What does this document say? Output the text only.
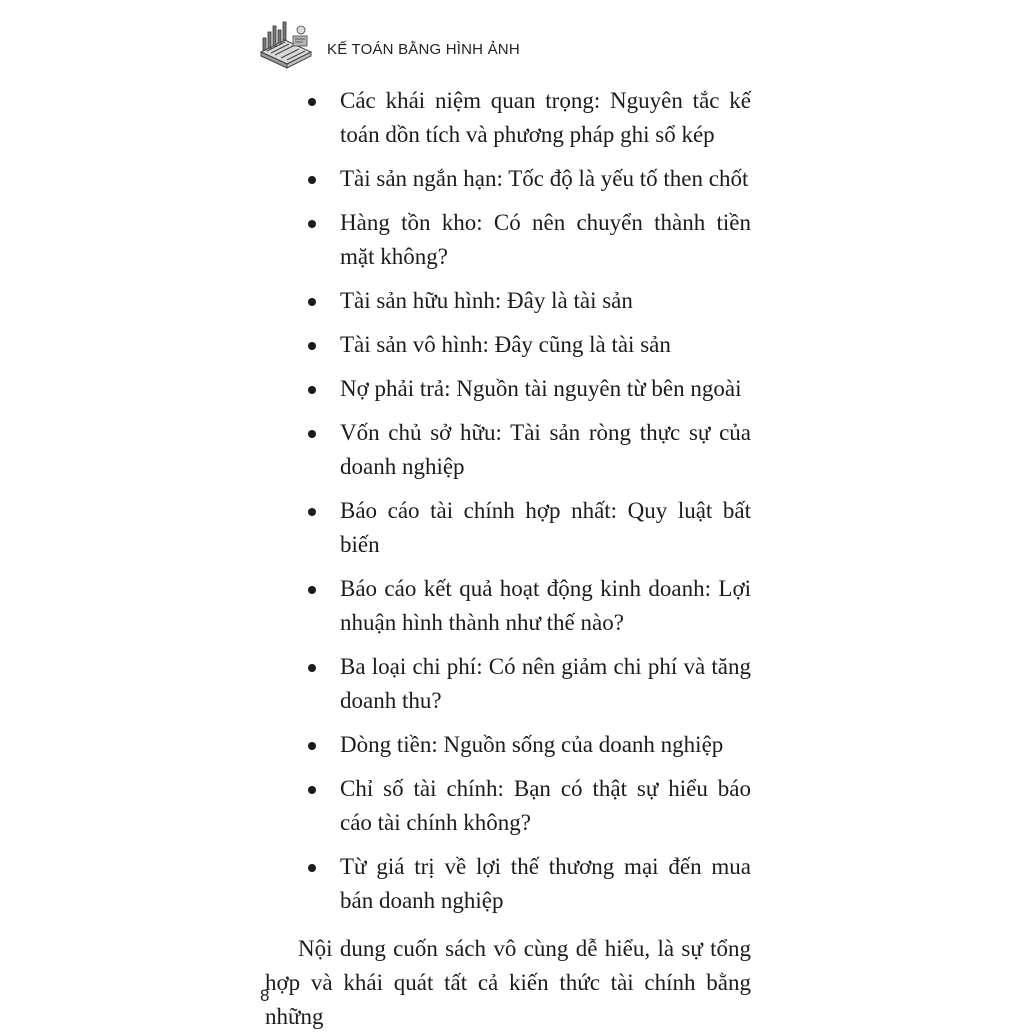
KẾ TOÁN BẰNG HÌNH ẢNH
Các khái niệm quan trọng: Nguyên tắc kế toán dồn tích và phương pháp ghi sổ kép
Tài sản ngắn hạn: Tốc độ là yếu tố then chốt
Hàng tồn kho: Có nên chuyển thành tiền mặt không?
Tài sản hữu hình: Đây là tài sản
Tài sản vô hình: Đây cũng là tài sản
Nợ phải trả: Nguồn tài nguyên từ bên ngoài
Vốn chủ sở hữu: Tài sản ròng thực sự của doanh nghiệp
Báo cáo tài chính hợp nhất: Quy luật bất biến
Báo cáo kết quả hoạt động kinh doanh: Lợi nhuận hình thành như thế nào?
Ba loại chi phí: Có nên giảm chi phí và tăng doanh thu?
Dòng tiền: Nguồn sống của doanh nghiệp
Chỉ số tài chính: Bạn có thật sự hiểu báo cáo tài chính không?
Từ giá trị về lợi thế thương mại đến mua bán doanh nghiệp

Nội dung cuốn sách vô cùng dễ hiểu, là sự tổng hợp và khái quát tất cả kiến thức tài chính bằng những

8
